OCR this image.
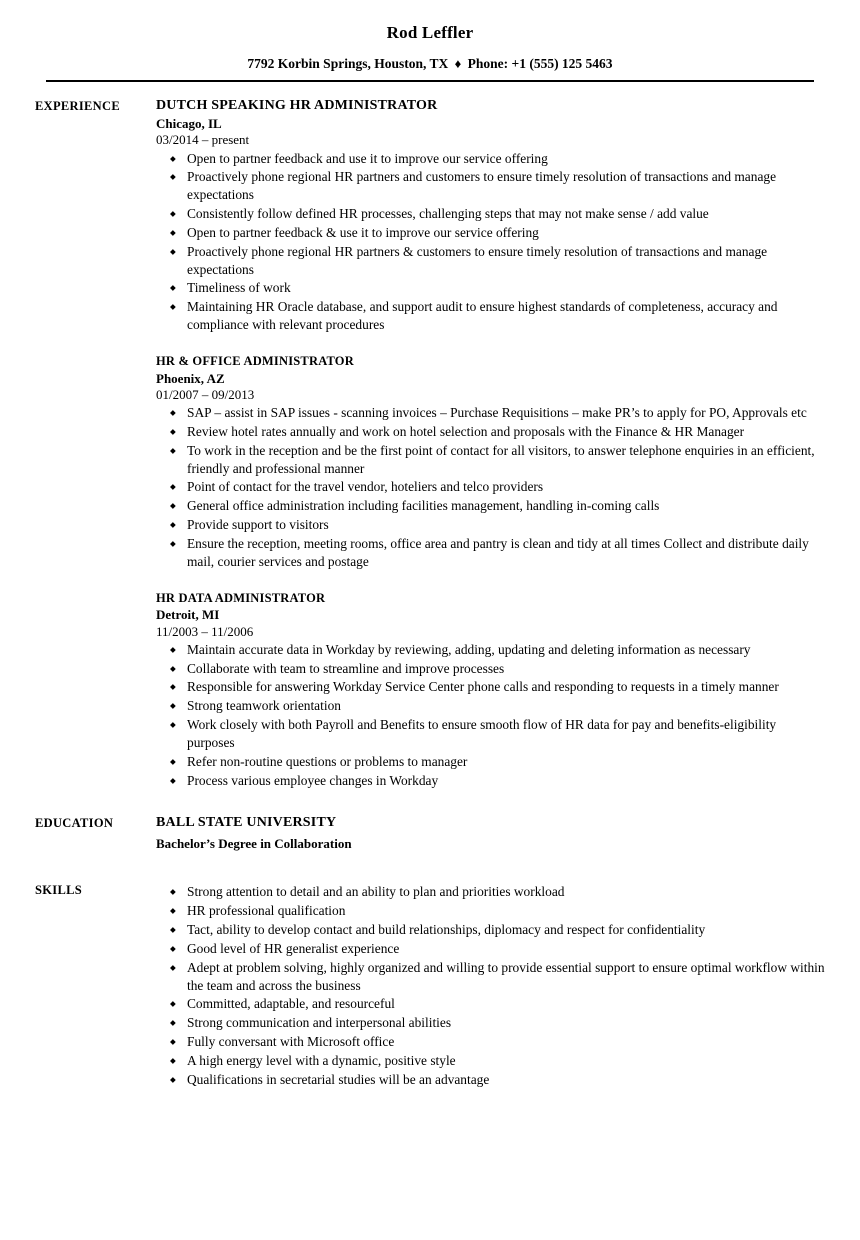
Rod Leffler
7792 Korbin Springs, Houston, TX ♦ Phone: +1 (555) 125 5463
EXPERIENCE	DUTCH SPEAKING HR ADMINISTRATOR
Chicago, IL
03/2014 – present
◆ Open to partner feedback and use it to improve our service offering
◆ Proactively phone regional HR partners and customers to ensure timely resolution of transactions and manage expectations
◆ Consistently follow defined HR processes, challenging steps that may not make sense / add value
◆ Open to partner feedback & use it to improve our service offering
◆ Proactively phone regional HR partners & customers to ensure timely resolution of transactions and manage expectations
◆ Timeliness of work
◆ Maintaining HR Oracle database, and support audit to ensure highest standards of completeness, accuracy and compliance with relevant procedures
HR & OFFICE ADMINISTRATOR
Phoenix, AZ
01/2007 – 09/2013
◆ SAP – assist in SAP issues - scanning invoices – Purchase Requisitions – make PR’s to apply for PO, Approvals etc
◆ Review hotel rates annually and work on hotel selection and proposals with the Finance & HR Manager
◆ To work in the reception and be the first point of contact for all visitors, to answer telephone enquiries in an efficient, friendly and professional manner
◆ Point of contact for the travel vendor, hoteliers and telco providers
◆ General office administration including facilities management, handling in-coming calls
◆ Provide support to visitors
◆ Ensure the reception, meeting rooms, office area and pantry is clean and tidy at all times Collect and distribute daily mail, courier services and postage
HR DATA ADMINISTRATOR
Detroit, MI
11/2003 – 11/2006
◆ Maintain accurate data in Workday by reviewing, adding, updating and deleting information as necessary
◆ Collaborate with team to streamline and improve processes
◆ Responsible for answering Workday Service Center phone calls and responding to requests in a timely manner
◆ Strong teamwork orientation
◆ Work closely with both Payroll and Benefits to ensure smooth flow of HR data for pay and benefits-eligibility purposes
◆ Refer non-routine questions or problems to manager
◆ Process various employee changes in Workday
EDUCATION	BALL STATE UNIVERSITY
Bachelor’s Degree in Collaboration
SKILLS	◆ Strong attention to detail and an ability to plan and priorities workload
◆ HR professional qualification
◆ Tact, ability to develop contact and build relationships, diplomacy and respect for confidentiality
◆ Good level of HR generalist experience
◆ Adept at problem solving, highly organized and willing to provide essential support to ensure optimal workflow within the team and across the business
◆ Committed, adaptable, and resourceful
◆ Strong communication and interpersonal abilities
◆ Fully conversant with Microsoft office
◆ A high energy level with a dynamic, positive style
◆ Qualifications in secretarial studies will be an advantage
